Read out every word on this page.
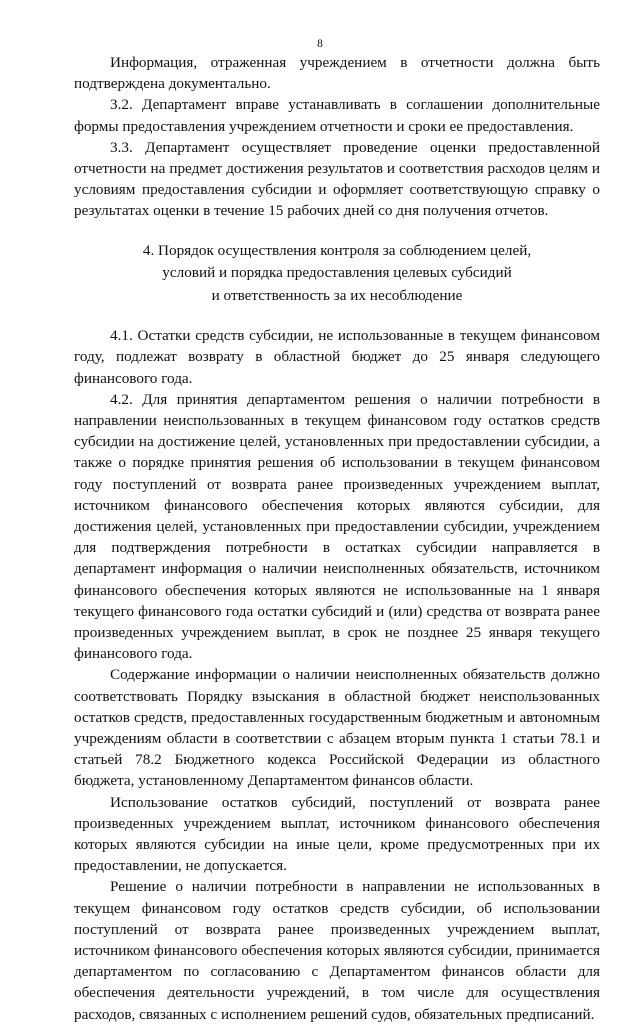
8

Информация, отраженная учреждением в отчетности должна быть подтверждена документально.

3.2. Департамент вправе устанавливать в соглашении дополнительные формы предоставления учреждением отчетности и сроки ее предоставления.

3.3. Департамент осуществляет проведение оценки предоставленной отчетности на предмет достижения результатов и соответствия расходов целям и условиям предоставления субсидии и оформляет соответствующую справку о результатах оценки в течение 15 рабочих дней со дня получения отчетов.

4. Порядок осуществления контроля за соблюдением целей,
условий и порядка предоставления целевых субсидий
и ответственность за их несоблюдение

4.1. Остатки средств субсидии, не использованные в текущем финансовом году, подлежат возврату в областной бюджет до 25 января следующего финансового года.

4.2. Для принятия департаментом решения о наличии потребности в направлении неиспользованных в текущем финансовом году остатков средств субсидии на достижение целей, установленных при предоставлении субсидии, а также о порядке принятия решения об использовании в текущем финансовом году поступлений от возврата ранее произведенных учреждением выплат, источником финансового обеспечения которых являются субсидии, для достижения целей, установленных при предоставлении субсидии, учреждением для подтверждения потребности в остатках субсидии направляется в департамент информация о наличии неисполненных обязательств, источником финансового обеспечения которых являются не использованные на 1 января текущего финансового года остатки субсидий и (или) средства от возврата ранее произведенных учреждением выплат, в срок не позднее 25 января текущего финансового года.

Содержание информации о наличии неисполненных обязательств должно соответствовать Порядку взыскания в областной бюджет неиспользованных остатков средств, предоставленных государственным бюджетным и автономным учреждениям области в соответствии с абзацем вторым пункта 1 статьи 78.1 и статьей 78.2 Бюджетного кодекса Российской Федерации из областного бюджета, установленному Департаментом финансов области.

Использование остатков субсидий, поступлений от возврата ранее произведенных учреждением выплат, источником финансового обеспечения которых являются субсидии на иные цели, кроме предусмотренных при их предоставлении, не допускается.

Решение о наличии потребности в направлении не использованных в текущем финансовом году остатков средств субсидии, об использовании поступлений от возврата ранее произведенных учреждением выплат, источником финансового обеспечения которых являются субсидии, принимается департаментом по согласованию с Департаментом финансов области для обеспечения деятельности учреждений, в том числе для осуществления расходов, связанных с исполнением решений судов, обязательных предписаний.
